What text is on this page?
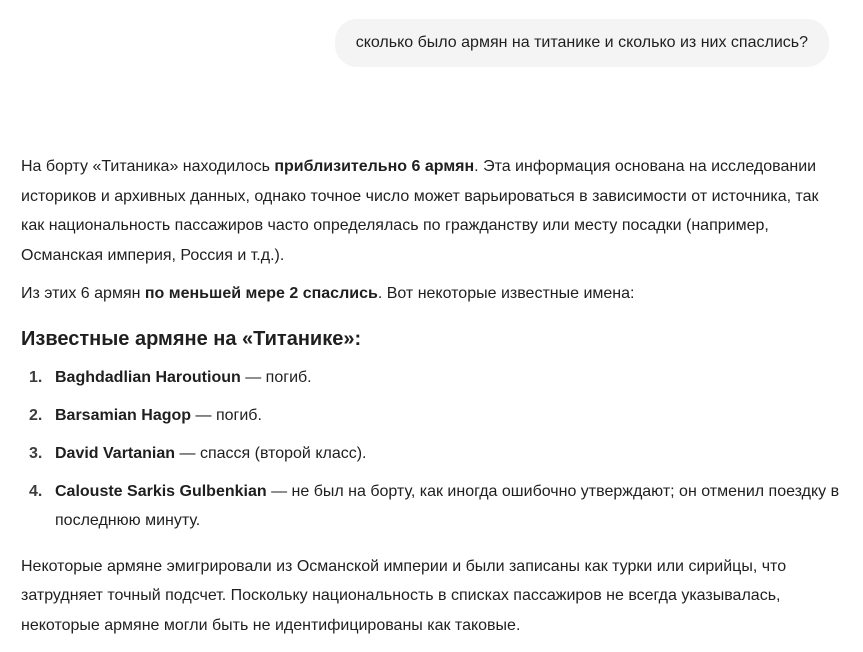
сколько было армян на титанике и сколько из них спаслись?

На борту «Титаника» находилось приблизительно 6 армян. Эта информация основана на исследовании историков и архивных данных, однако точное число может варьироваться в зависимости от источника, так как национальность пассажиров часто определялась по гражданству или месту посадки (например, Османская империя, Россия и т.д.).

Из этих 6 армян по меньшей мере 2 спаслись. Вот некоторые известные имена:

Известные армяне на «Титанике»:
1. Baghdadlian Haroutioun — погиб.
2. Barsamian Hagop — погиб.
3. David Vartanian — спасся (второй класс).
4. Calouste Sarkis Gulbenkian — не был на борту, как иногда ошибочно утверждают; он отменил поездку в последнюю минуту.

Некоторые армяне эмигрировали из Османской империи и были записаны как турки или сирийцы, что затрудняет точный подсчет. Поскольку национальность в списках пассажиров не всегда указывалась, некоторые армяне могли быть не идентифицированы как таковые.
